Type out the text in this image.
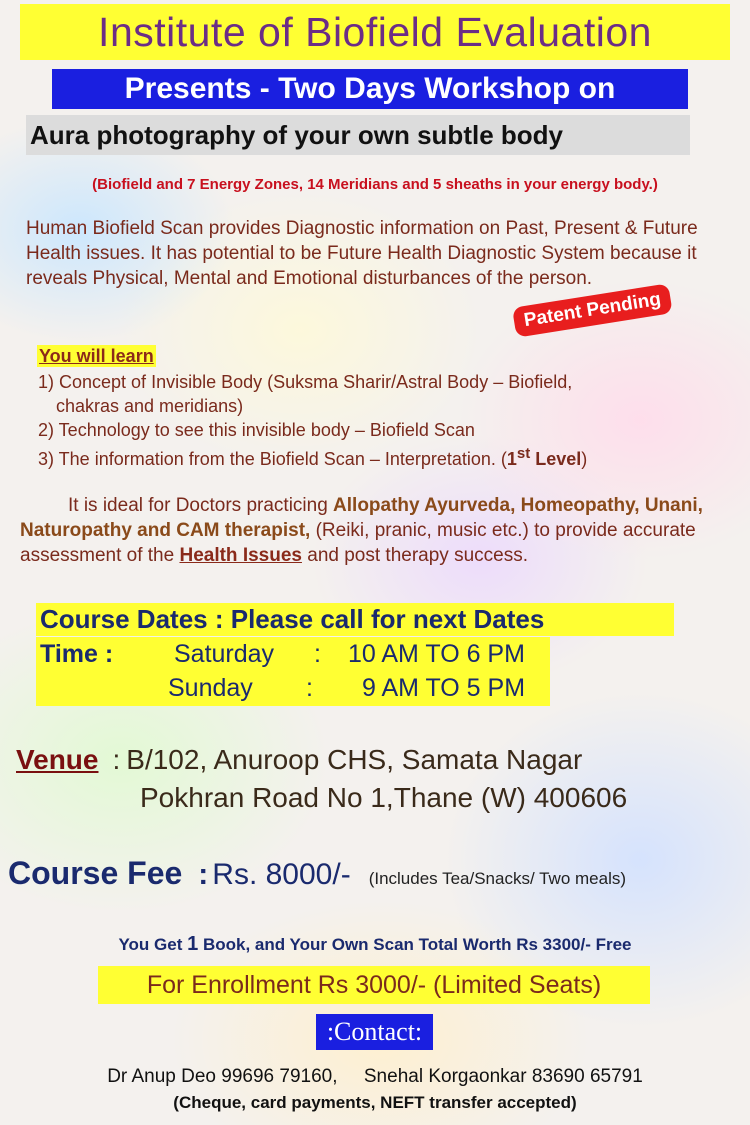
Institute of Biofield Evaluation
Presents - Two Days Workshop on
Aura photography of your own subtle body
(Biofield and 7 Energy Zones, 14 Meridians and 5 sheaths in your energy body.)
Human Biofield Scan provides Diagnostic information on Past, Present & Future Health issues. It has potential to be Future Health Diagnostic System because it reveals Physical, Mental and Emotional disturbances of the person.
Patent Pending
You will learn
1) Concept of Invisible Body (Suksma Sharir/Astral Body – Biofield,
chakras and meridians)
2) Technology to see this invisible body – Biofield Scan
3) The information from the Biofield Scan – Interpretation. (1st Level)
It is ideal for Doctors practicing Allopathy Ayurveda, Homeopathy, Unani, Naturopathy and CAM therapist, (Reiki, pranic, music etc.) to provide accurate assessment of the Health Issues and post therapy success.
Course Dates : Please call for next Dates
Time : Saturday : 10 AM TO 6 PM
Sunday : 9 AM TO 5 PM
Venue : B/102, Anuroop CHS, Samata Nagar
Pokhran Road No 1,Thane (W) 400606
Course Fee : Rs. 8000/- (Includes Tea/Snacks/ Two meals)
You Get 1 Book, and Your Own Scan Total Worth Rs 3300/- Free
For Enrollment Rs 3000/- (Limited Seats)
:Contact:
Dr Anup Deo 99696 79160,     Snehal Korgaonkar 83690 65791
(Cheque, card payments, NEFT transfer accepted)
